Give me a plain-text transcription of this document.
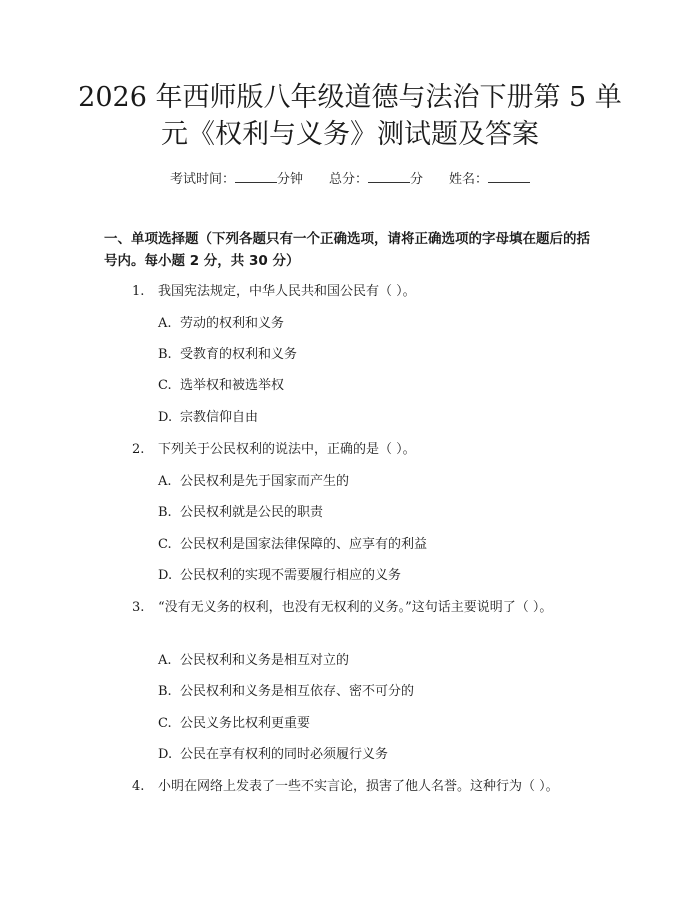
2026 年西师版八年级道德与法治下册第 5 单
元《权利与义务》测试题及答案
考试时间：	分钟 总分：	分 姓名：

一、单项选择题（下列各题只有一个正确选项，请将正确选项的字母填在题后的括号内。每小题 2 分，共 30 分）

1. 我国宪法规定，中华人民共和国公民有（ ）。
A. 劳动的权利和义务
B. 受教育的权利和义务
C. 选举权和被选举权
D. 宗教信仰自由
2. 下列关于公民权利的说法中，正确的是（ ）。
A. 公民权利是先于国家而产生的
B. 公民权利就是公民的职责
C. 公民权利是国家法律保障的、应享有的利益
D. 公民权利的实现不需要履行相应的义务
3. “没有无义务的权利，也没有无权利的义务。”这句话主要说明了（ ）。
A. 公民权利和义务是相互对立的
B. 公民权利和义务是相互依存、密不可分的
C. 公民义务比权利更重要
D. 公民在享有权利的同时必须履行义务
4. 小明在网络上发表了一些不实言论，损害了他人名誉。这种行为（ ）。
